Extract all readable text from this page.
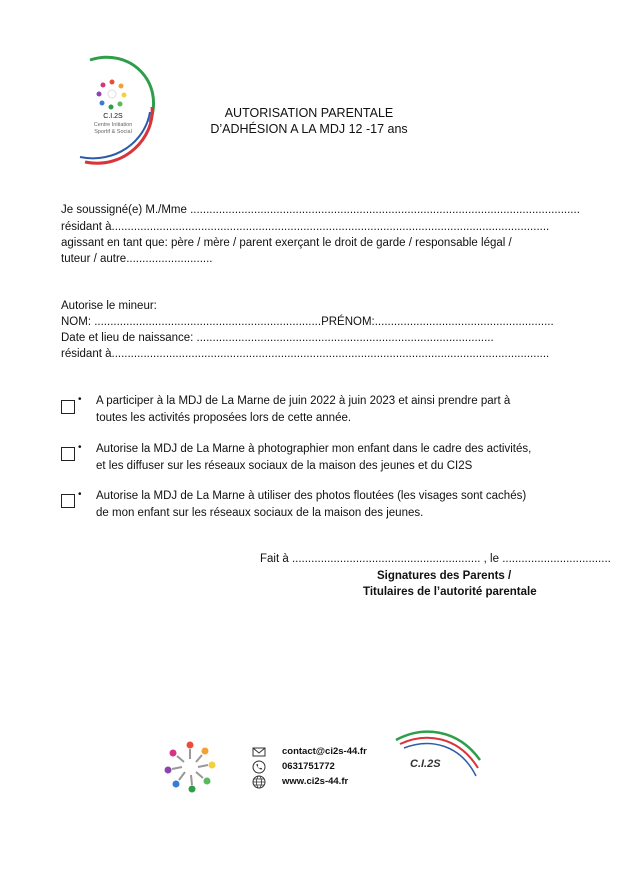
C.I.2S
Centre Initiation
Sportif & Social
AUTORISATION PARENTALE
D’ADHÉSION A LA MDJ 12 -17 ans
Je soussigné(e) M./Mme ..........................................................................................................................
résidant à.........................................................................................................................................
agissant en tant que: père / mère / parent exerçant le droit de garde / responsable légal /
tuteur / autre...........................
Autorise le mineur:
NOM: .......................................................................PRÉNOM:........................................................
Date et lieu de naissance: .............................................................................................
résidant à.........................................................................................................................................
• A participer à la MDJ de La Marne de juin 2022 à juin 2023 et ainsi prendre part à
toutes les activités proposées lors de cette année.
• Autorise la MDJ de La Marne à photographier mon enfant dans le cadre des activités,
et les diffuser sur les réseaux sociaux de la maison des jeunes et du CI2S
• Autorise la MDJ de La Marne à utiliser des photos floutées (les visages sont cachés)
de mon enfant sur les réseaux sociaux de la maison des jeunes.
Fait à ........................................................... , le ..................................
Signatures des Parents /
Titulaires de l’autorité parentale
contact@ci2s-44.fr
0631751772
www.ci2s-44.fr
C.I.2S
